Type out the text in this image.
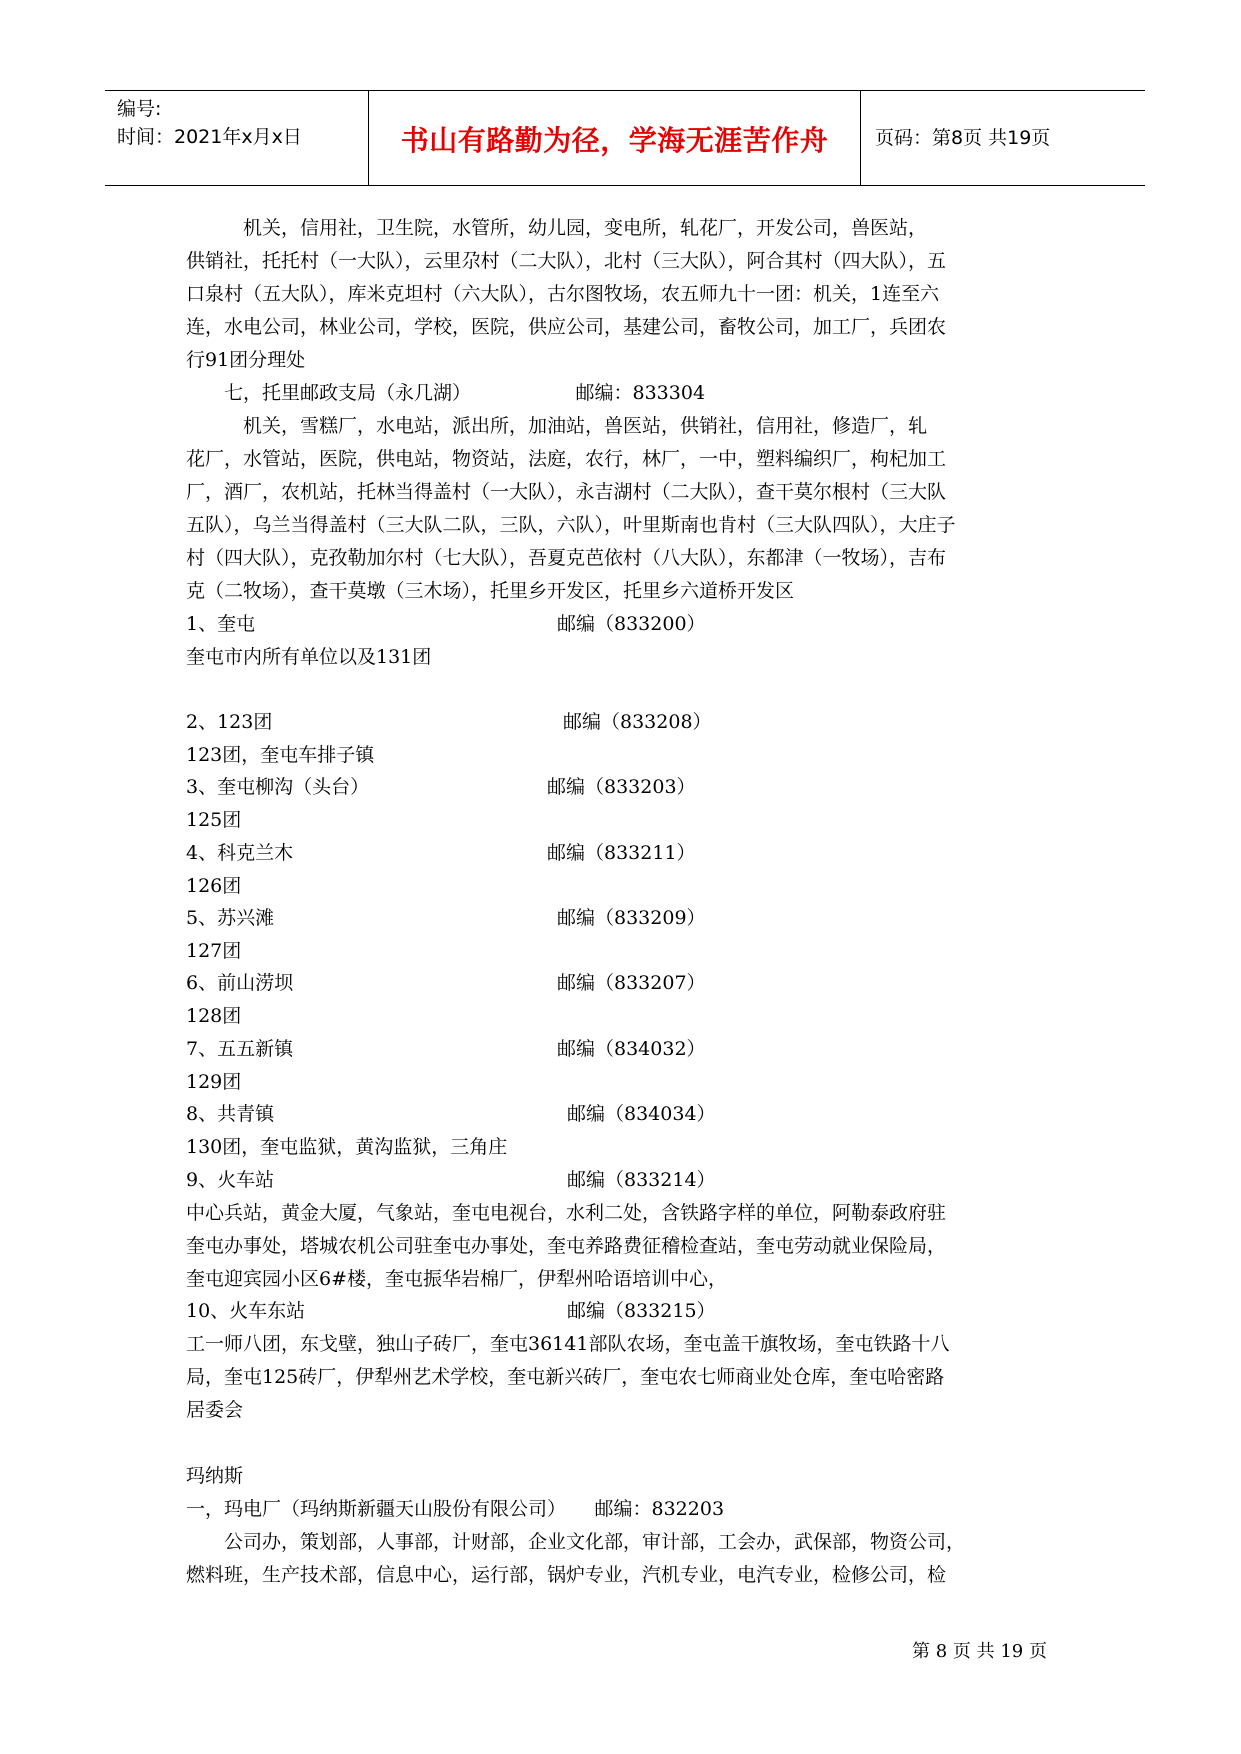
编号:
时间：2021年x月x日	书山有路勤为径，学海无涯苦作舟	页码：第8页 共19页
　　　机关，信用社，卫生院，水管所，幼儿园，变电所，轧花厂，开发公司，兽医站，
供销社，托托村（一大队），云里尕村（二大队），北村（三大队），阿合其村（四大队），五
口泉村（五大队），库米克坦村（六大队），古尔图牧场，农五师九十一团：机关，1连至六
连，水电公司，林业公司，学校，医院，供应公司，基建公司，畜牧公司，加工厂，兵团农
行91团分理处
　　七，托里邮政支局（永几湖）　　　　　　邮编：833304
　　　机关，雪糕厂，水电站，派出所，加油站，兽医站，供销社，信用社，修造厂，轧
花厂，水管站，医院，供电站，物资站，法庭，农行，林厂，一中，塑料编织厂，枸杞加工
厂，酒厂，农机站，托林当得盖村（一大队），永吉湖村（二大队），查干莫尔根村（三大队
五队），乌兰当得盖村（三大队二队，三队，六队），叶里斯南也肯村（三大队四队），大庄子
村（四大队），克孜勒加尔村（七大队），吾夏克芭依村（八大队），东都津（一牧场），吉布
克（二牧场），查干莫墩（三木场），托里乡开发区，托里乡六道桥开发区
1、奎屯	邮编（833200）
奎屯市内所有单位以及131团
2、123团	邮编（833208）
123团，奎屯车排子镇
3、奎屯柳沟（头台）	邮编（833203）
125团
4、科克兰木	邮编（833211）
126团
5、苏兴滩	邮编（833209）
127团
6、前山涝坝	邮编（833207）
128团
7、五五新镇	邮编（834032）
129团
8、共青镇	邮编（834034）
130团，奎屯监狱，黄沟监狱，三角庄
9、火车站	邮编（833214）
中心兵站，黄金大厦，气象站，奎屯电视台，水利二处，含铁路字样的单位，阿勒泰政府驻
奎屯办事处，塔城农机公司驻奎屯办事处，奎屯养路费征稽检查站，奎屯劳动就业保险局，
奎屯迎宾园小区6#楼，奎屯振华岩棉厂，伊犁州哈语培训中心，
10、火车东站	邮编（833215）
工一师八团，东戈壁，独山子砖厂，奎屯36141部队农场，奎屯盖干旗牧场，奎屯铁路十八
局，奎屯125砖厂，伊犁州艺术学校，奎屯新兴砖厂，奎屯农七师商业处仓库，奎屯哈密路
居委会
玛纳斯
一，玛电厂（玛纳斯新疆天山股份有限公司）　　邮编：832203
　　公司办，策划部，人事部，计财部，企业文化部，审计部，工会办，武保部，物资公司，
燃料班，生产技术部，信息中心，运行部，锅炉专业，汽机专业，电汽专业，检修公司，检
第 8 页 共 19 页
